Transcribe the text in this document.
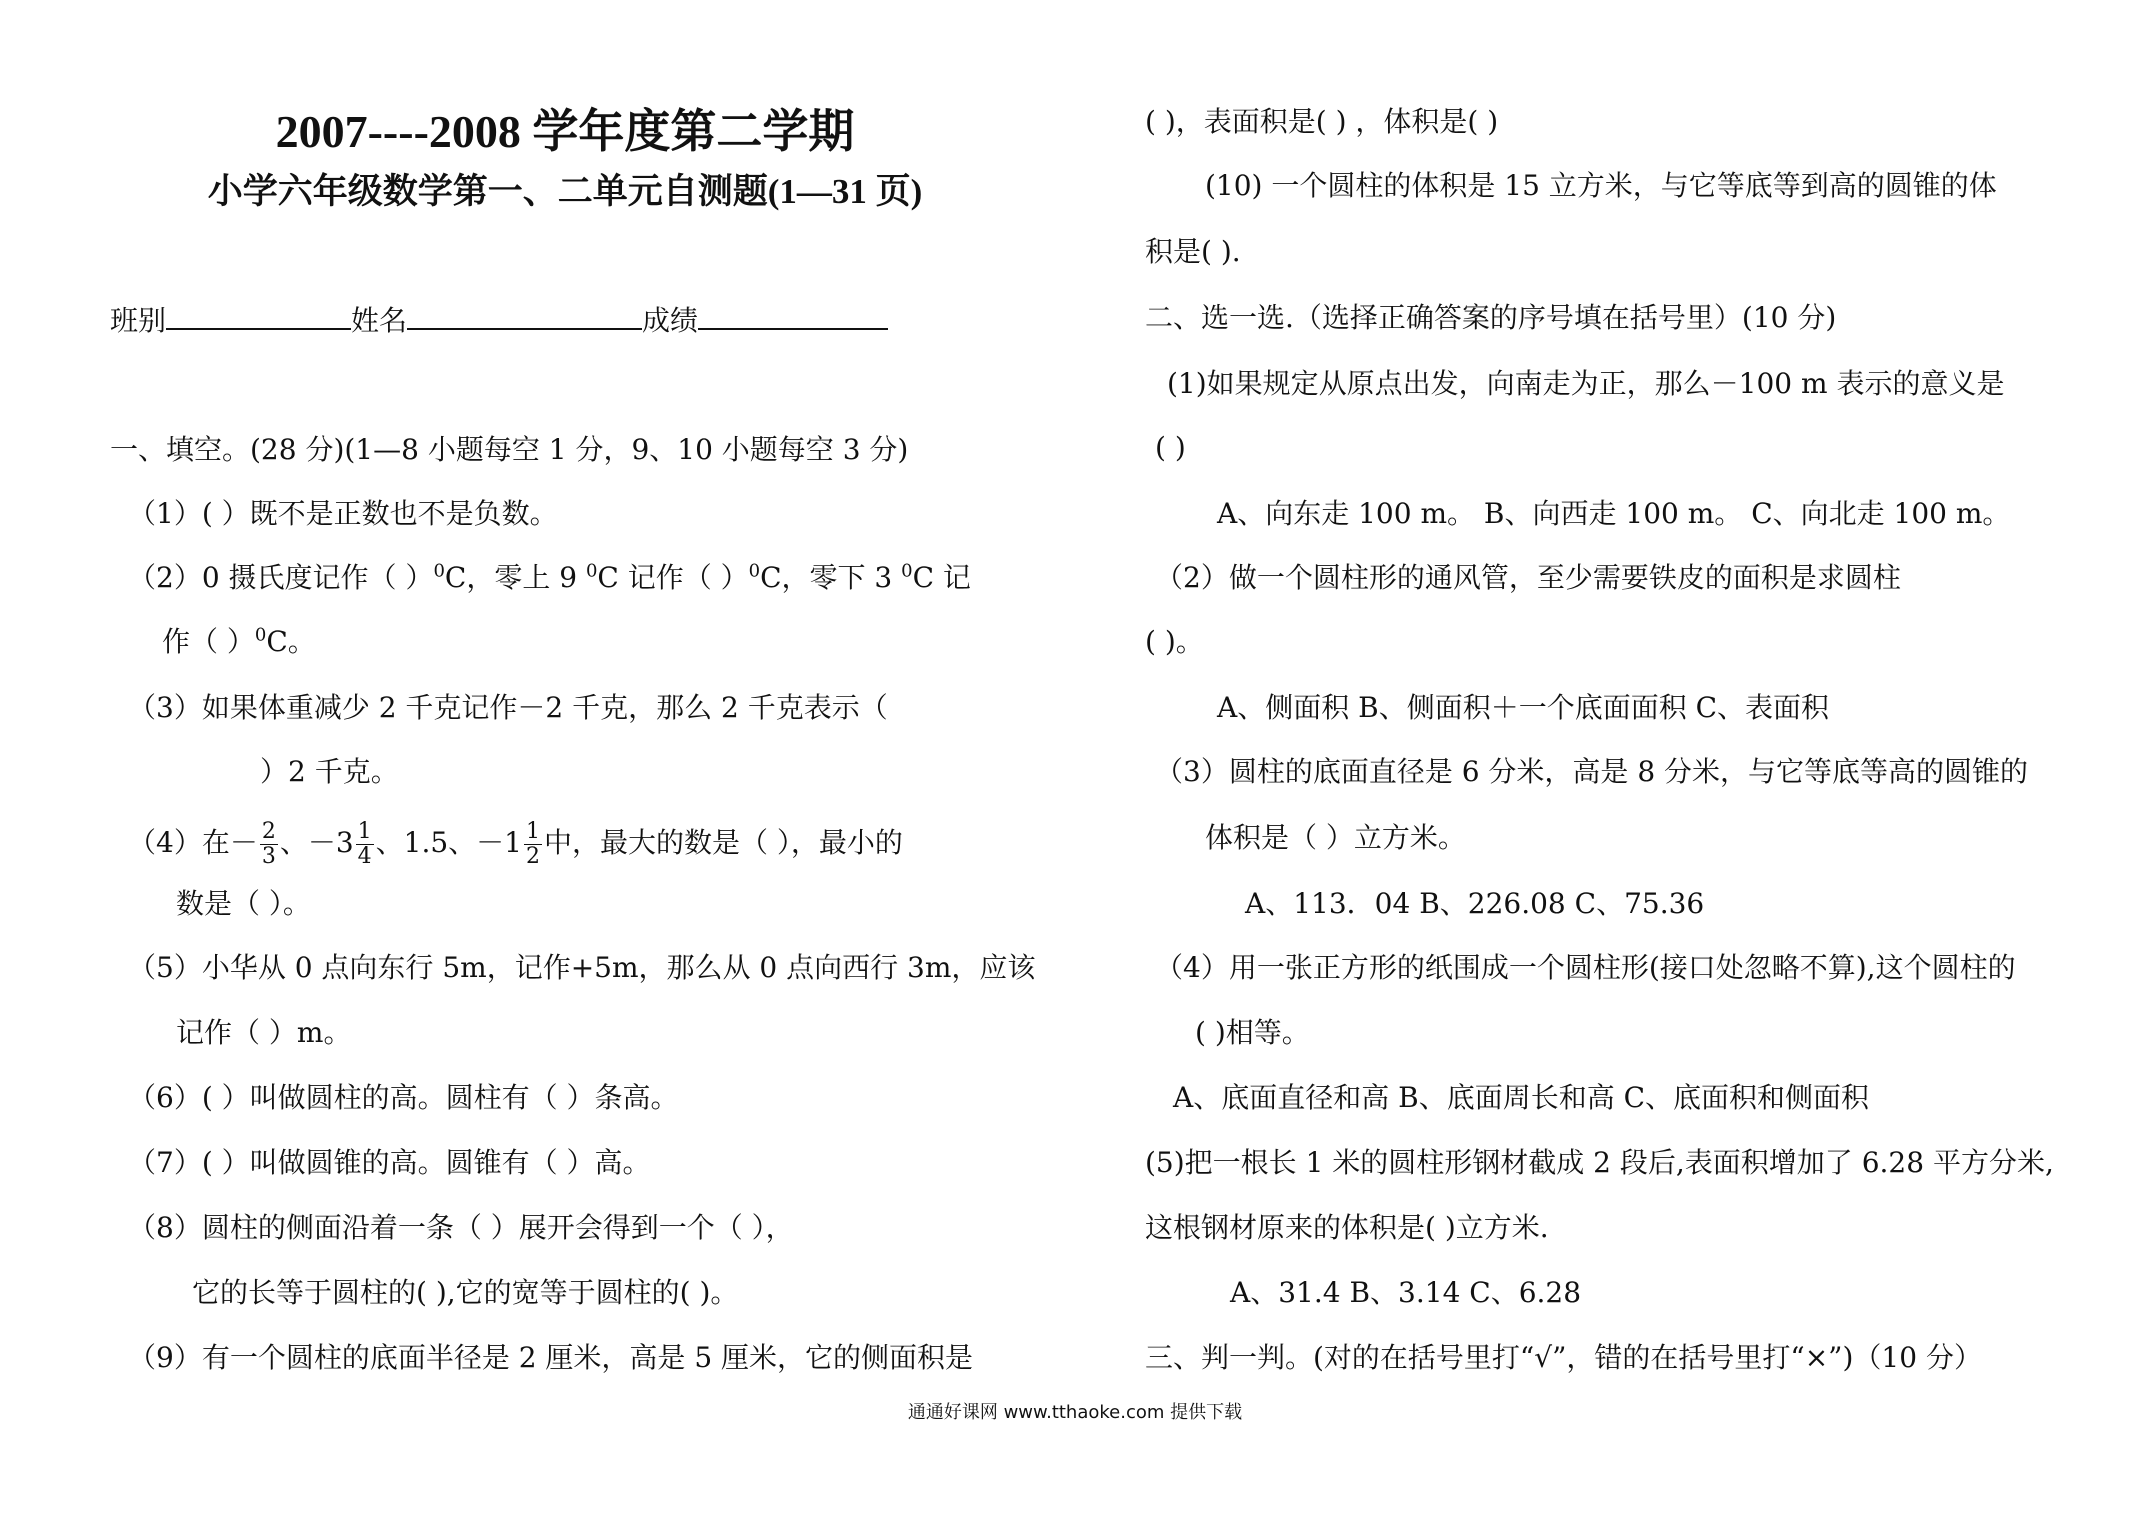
2007----2008 学年度第二学期
小学六年级数学第一、二单元自测题(1—31 页)
班别	姓名	成绩
一、填空。(28 分)(1—8 小题每空 1 分，9、10 小题每空 3 分)
（1）( ）既不是正数也不是负数。
（2）0 摄氏度记作（ ）$^0$C，零上 9 $^0$C 记作（ ）$^0$C，零下 3 $^0$C 记
作（ ）$^0$C。
（3）如果体重减少 2 千克记作－2 千克，那么 2 千克表示（
）2 千克。
（4）在－ $\frac{2}{3}$ 、$-3 \frac{1}{4}$ 、1.5、$-1 \frac{1}{2}$ 中，最大的数是（ ），最小的
数是（ ）。
（5）小华从 0 点向东行 5m，记作+5m，那么从 0 点向西行 3m，应该
记作（ ）m。
（6）( ）叫做圆柱的高。圆柱有（ ）条高。
（7）( ）叫做圆锥的高。圆锥有（ ）高。
（8）圆柱的侧面沿着一条（ ）展开会得到一个（ ），
它的长等于圆柱的( ),它的宽等于圆柱的( )。
（9）有一个圆柱的底面半径是 2 厘米，高是 5 厘米，它的侧面积是
( )，表面积是( ) ，体积是( )
(10) 一个圆柱的体积是 15 立方米，与它等底等到高的圆锥的体
积是( ).
二、选一选.（选择正确答案的序号填在括号里）(10 分)
(1)如果规定从原点出发，向南走为正，那么－100 m 表示的意义是
( )
A、向东走 100 m。 B、向西走 100 m。 C、向北走 100 m。
（2）做一个圆柱形的通风管，至少需要铁皮的面积是求圆柱
( )。
A、侧面积 B、侧面积＋一个底面面积 C、表面积
（3）圆柱的底面直径是 6 分米，高是 8 分米，与它等底等高的圆锥的
体积是（ ）立方米。
A、113．04 B、226.08 C、75.36
（4）用一张正方形的纸围成一个圆柱形(接口处忽略不算),这个圆柱的
( )相等。
A、底面直径和高 B、底面周长和高 C、底面积和侧面积
(5)把一根长 1 米的圆柱形钢材截成 2 段后,表面积增加了 6.28 平方分米,
这根钢材原来的体积是( )立方米.
A、31.4 B、3.14 C、6.28
三、判一判。(对的在括号里打“√”，错的在括号里打“×”)（10 分）
通通好课网 www.tthaoke.com 提供下载
